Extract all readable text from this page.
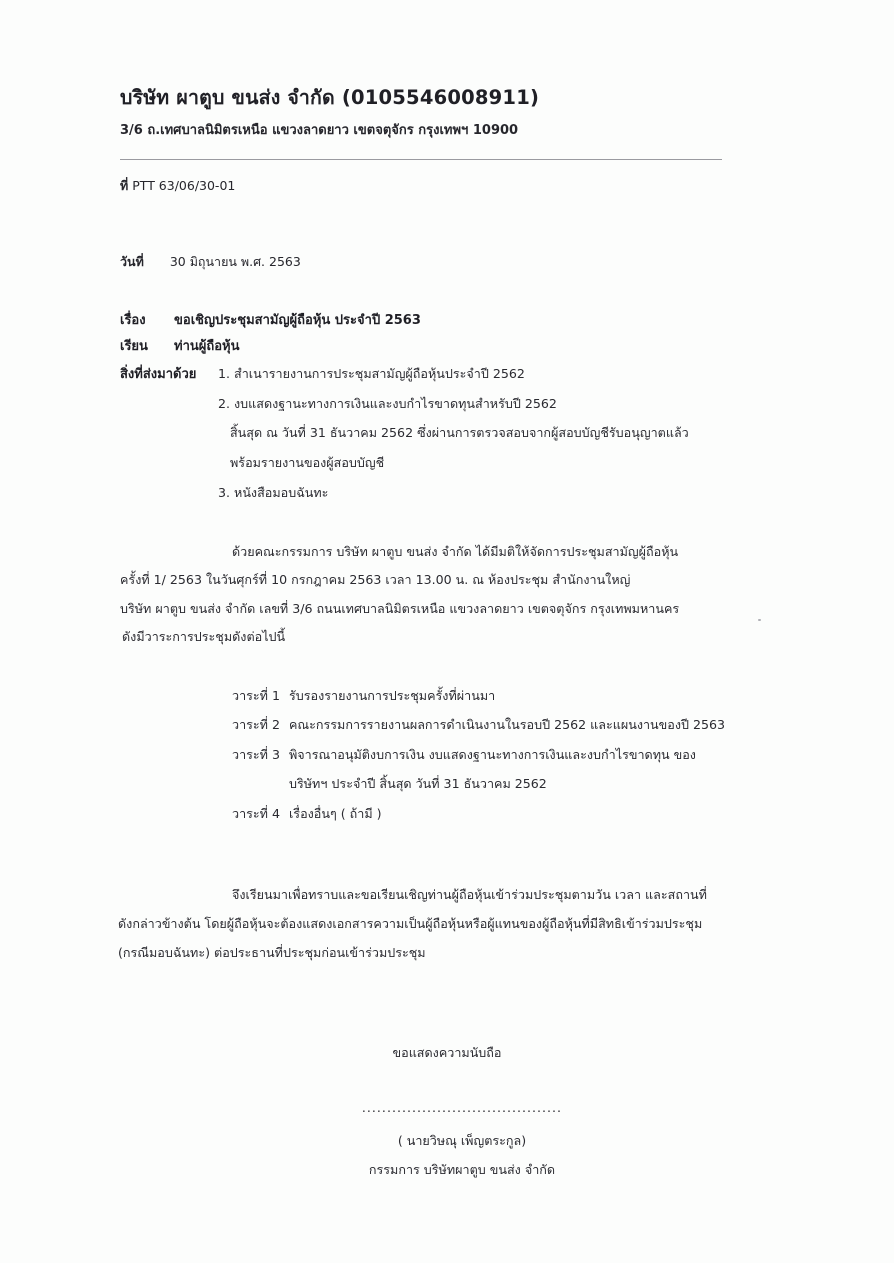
บริษัท ผาตูบ ขนส่ง จำกัด (0105546008911)
3/6 ถ.เทศบาลนิมิตรเหนือ แขวงลาดยาว เขตจตุจักร กรุงเทพฯ 10900
ที่ PTT 63/06/30-01
วันที่ 30 มิถุนายน พ.ศ. 2563
เรื่อง ขอเชิญประชุมสามัญผู้ถือหุ้น ประจำปี 2563
เรียน ท่านผู้ถือหุ้น
สิ่งที่ส่งมาด้วย 1. สำเนารายงานการประชุมสามัญผู้ถือหุ้นประจำปี 2562
2. งบแสดงฐานะทางการเงินและงบกำไรขาดทุนสำหรับปี 2562
สิ้นสุด ณ วันที่ 31 ธันวาคม 2562 ซึ่งผ่านการตรวจสอบจากผู้สอบบัญชีรับอนุญาตแล้ว
พร้อมรายงานของผู้สอบบัญชี
3. หนังสือมอบฉันทะ
ด้วยคณะกรรมการ บริษัท ผาตูบ ขนส่ง จำกัด ได้มีมติให้จัดการประชุมสามัญผู้ถือหุ้น
ครั้งที่ 1/ 2563 ในวันศุกร์ที่ 10 กรกฎาคม 2563 เวลา 13.00 น. ณ ห้องประชุม สำนักงานใหญ่
บริษัท ผาตูบ ขนส่ง จำกัด เลขที่ 3/6 ถนนเทศบาลนิมิตรเหนือ แขวงลาดยาว เขตจตุจักร กรุงเทพมหานคร
ดังมีวาระการประชุมดังต่อไปนี้
วาระที่ 1 รับรองรายงานการประชุมครั้งที่ผ่านมา
วาระที่ 2 คณะกรรมการรายงานผลการดำเนินงานในรอบปี 2562 และแผนงานของปี 2563
วาระที่ 3 พิจารณาอนุมัติงบการเงิน งบแสดงฐานะทางการเงินและงบกำไรขาดทุน ของ
บริษัทฯ ประจำปี สิ้นสุด วันที่ 31 ธันวาคม 2562
วาระที่ 4 เรื่องอื่นๆ ( ถ้ามี )
จึงเรียนมาเพื่อทราบและขอเรียนเชิญท่านผู้ถือหุ้นเข้าร่วมประชุมตามวัน เวลา และสถานที่
ดังกล่าวข้างต้น โดยผู้ถือหุ้นจะต้องแสดงเอกสารความเป็นผู้ถือหุ้นหรือผู้แทนของผู้ถือหุ้นที่มีสิทธิเข้าร่วมประชุม
(กรณีมอบฉันทะ) ต่อประธานที่ประชุมก่อนเข้าร่วมประชุม
ขอแสดงความนับถือ
........................................
( นายวิษณุ เพ็ญตระกูล)
กรรมการ บริษัทผาตูบ ขนส่ง จำกัด
